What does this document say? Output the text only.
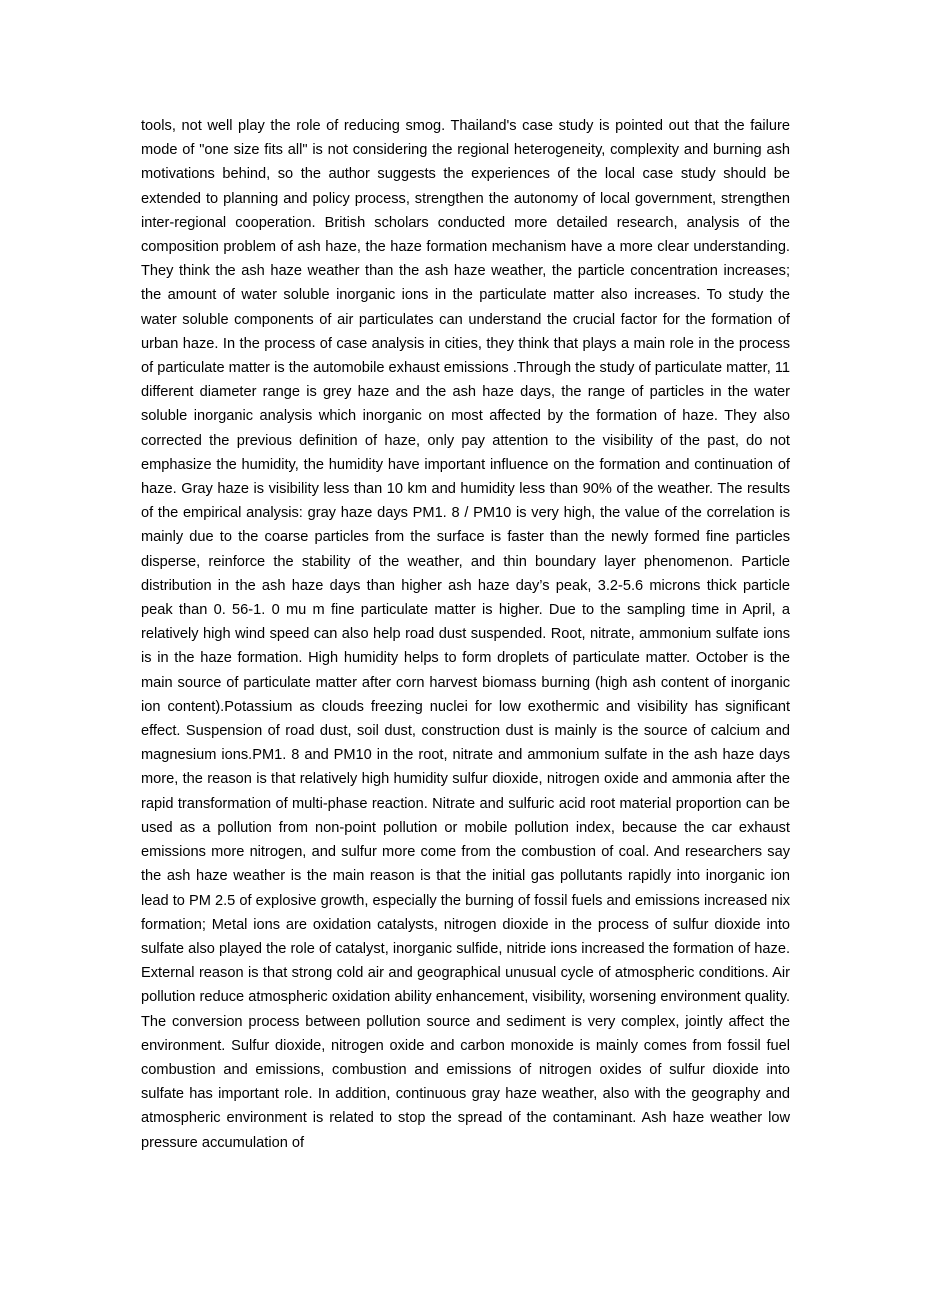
tools, not well play the role of reducing smog. Thailand's case study is pointed out that the failure mode of "one size fits all" is not considering the regional heterogeneity, complexity and burning ash motivations behind, so the author suggests the experiences of the local case study should be extended to planning and policy process, strengthen the autonomy of local government, strengthen inter-regional cooperation. British scholars conducted more detailed research, analysis of the composition problem of ash haze, the haze formation mechanism have a more clear understanding. They think the ash haze weather than the ash haze weather, the particle concentration increases; the amount of water soluble inorganic ions in the particulate matter also increases. To study the water soluble components of air particulates can understand the crucial factor for the formation of urban haze. In the process of case analysis in cities, they think that plays a main role in the process of particulate matter is the automobile exhaust emissions .Through the study of particulate matter, 11 different diameter range is grey haze and the ash haze days, the range of particles in the water soluble inorganic analysis which inorganic on most affected by the formation of haze. They also corrected the previous definition of haze, only pay attention to the visibility of the past, do not emphasize the humidity, the humidity have important influence on the formation and continuation of haze. Gray haze is visibility less than 10 km and humidity less than 90% of the weather. The results of the empirical analysis: gray haze days PM1. 8 / PM10 is very high, the value of the correlation is mainly due to the coarse particles from the surface is faster than the newly formed fine particles disperse, reinforce the stability of the weather, and thin boundary layer phenomenon. Particle distribution in the ash haze days than higher ash haze day’s peak, 3.2-5.6 microns thick particle peak than 0. 56-1. 0 mu m fine particulate matter is higher. Due to the sampling time in April, a relatively high wind speed can also help road dust suspended. Root, nitrate, ammonium sulfate ions is in the haze formation. High humidity helps to form droplets of particulate matter. October is the main source of particulate matter after corn harvest biomass burning (high ash content of inorganic ion content).Potassium as clouds freezing nuclei for low exothermic and visibility has significant effect. Suspension of road dust, soil dust, construction dust is mainly is the source of calcium and magnesium ions.PM1. 8 and PM10 in the root, nitrate and ammonium sulfate in the ash haze days more, the reason is that relatively high humidity sulfur dioxide, nitrogen oxide and ammonia after the rapid transformation of multi-phase reaction. Nitrate and sulfuric acid root material proportion can be used as a pollution from non-point pollution or mobile pollution index, because the car exhaust emissions more nitrogen, and sulfur more come from the combustion of coal. And researchers say the ash haze weather is the main reason is that the initial gas pollutants rapidly into inorganic ion lead to PM 2.5 of explosive growth, especially the burning of fossil fuels and emissions increased nix formation; Metal ions are oxidation catalysts, nitrogen dioxide in the process of sulfur dioxide into sulfate also played the role of catalyst, inorganic sulfide, nitride ions increased the formation of haze. External reason is that strong cold air and geographical unusual cycle of atmospheric conditions. Air pollution reduce atmospheric oxidation ability enhancement, visibility, worsening environment quality. The conversion process between pollution source and sediment is very complex, jointly affect the environment. Sulfur dioxide, nitrogen oxide and carbon monoxide is mainly comes from fossil fuel combustion and emissions, combustion and emissions of nitrogen oxides of sulfur dioxide into sulfate has important role. In addition, continuous gray haze weather, also with the geography and atmospheric environment is related to stop the spread of the contaminant. Ash haze weather low pressure accumulation of
